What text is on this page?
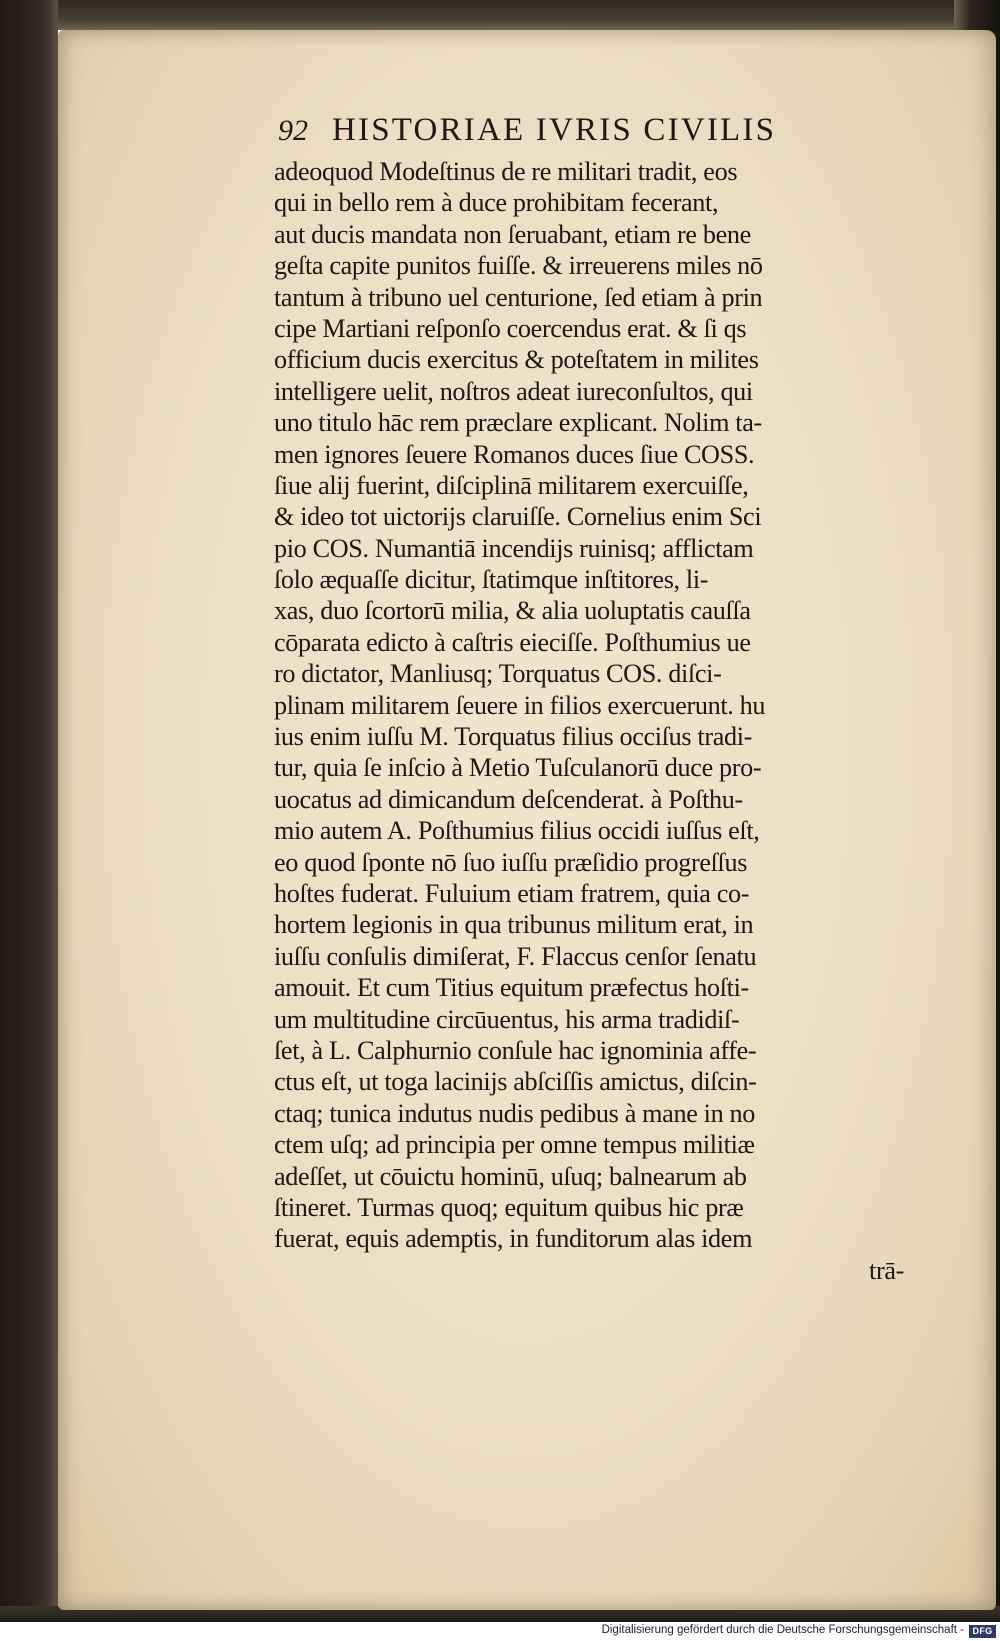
92 HISTORIAE IVRIS CIVILIS
adeoquod Modeſtinus de re militari tradit, eos
qui in bello rem à duce prohibitam fecerant,
aut ducis mandata non ſeruabant, etiam re bene
geſta capite punitos fuiſſe. & irreuerens miles nō
tantum à tribuno uel centurione, ſed etiam à prin
cipe Martiani reſponſo coercendus erat. & ſi qs
officium ducis exercitus & poteſtatem in milites
intelligere uelit, noſtros adeat iureconſultos, qui
uno titulo hāc rem præclare explicant. Nolim ta-
men ignores ſeuere Romanos duces ſiue COSS.
ſiue alij fuerint, diſciplinā militarem exercuiſſe,
& ideo tot uictorijs claruiſſe. Cornelius enim Sci
pio COS. Numantiā incendijs ruinisq; afflictam
ſolo æquaſſe dicitur, ſtatimque inſtitores, li-
xas, duo ſcortorū milia, & alia uoluptatis cauſſa
cōparata edicto à caſtris eieciſſe. Poſthumius ue
ro dictator, Manliusq; Torquatus COS. diſci-
plinam militarem ſeuere in filios exercuerunt. hu
ius enim iuſſu M. Torquatus filius occiſus tradi-
tur, quia ſe inſcio à Metio Tuſculanorū duce pro-
uocatus ad dimicandum deſcenderat. à Poſthu-
mio autem A. Poſthumius filius occidi iuſſus eſt,
eo quod ſponte nō ſuo iuſſu præſidio progreſſus
hoſtes fuderat. Fuluium etiam fratrem, quia co-
hortem legionis in qua tribunus militum erat, in
iuſſu conſulis dimiſerat, F. Flaccus cenſor ſenatu
amouit. Et cum Titius equitum præfectus hoſti-
um multitudine circūuentus, his arma tradidiſ-
ſet, à L. Calphurnio conſule hac ignominia affe-
ctus eſt, ut toga lacinijs abſciſſis amictus, diſcin-
ctaq; tunica indutus nudis pedibus à mane in no
ctem uſq; ad principia per omne tempus militiæ
adeſſet, ut cōuictu hominū, uſuq; balnearum ab
ſtineret. Turmas quoq; equitum quibus hic præ
fuerat, equis ademptis, in funditorum alas idem
trā-
Digitalisierung gefördert durch die Deutsche Forschungsgemeinschaft - DFG
